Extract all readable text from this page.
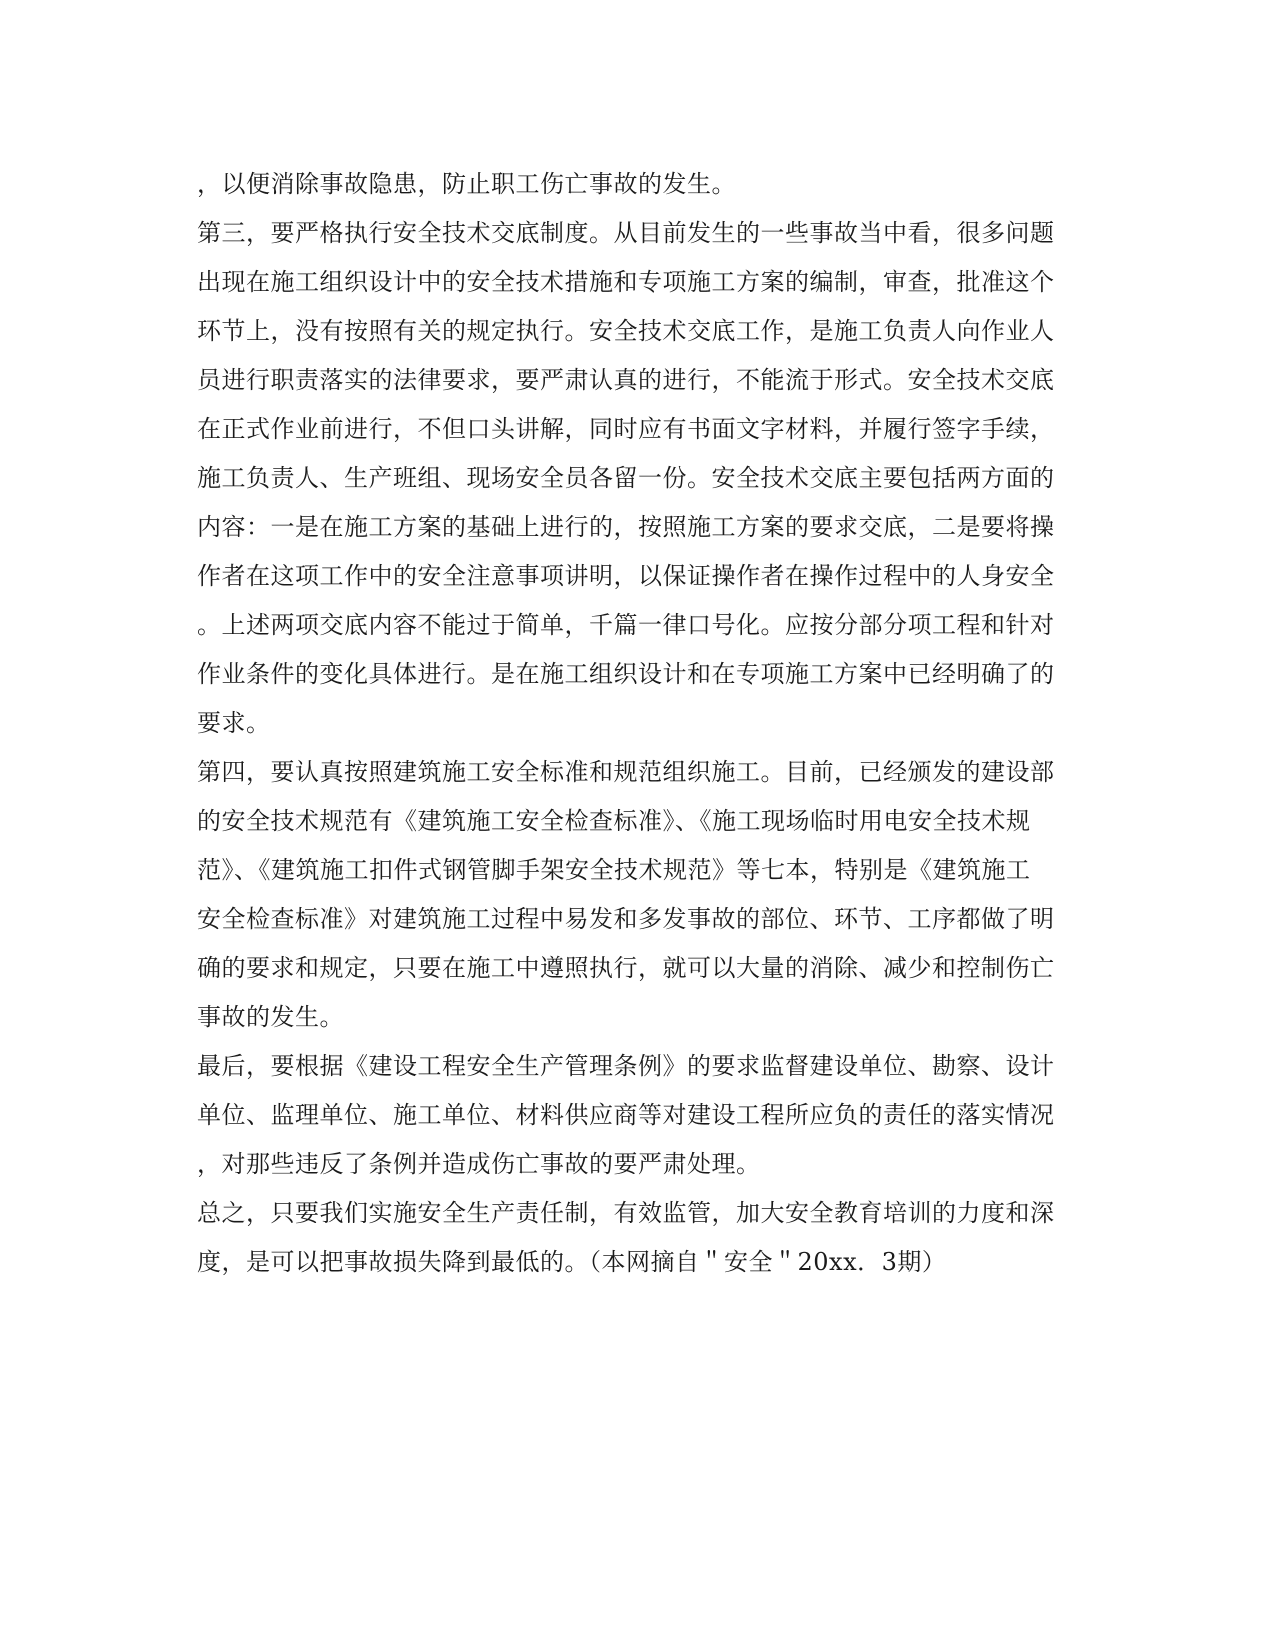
，以便消除事故隐患，防止职工伤亡事故的发生。
第三，要严格执行安全技术交底制度。从目前发生的一些事故当中看，很多问题
出现在施工组织设计中的安全技术措施和专项施工方案的编制，审查，批准这个
环节上，没有按照有关的规定执行。安全技术交底工作，是施工负责人向作业人
员进行职责落实的法律要求，要严肃认真的进行，不能流于形式。安全技术交底
在正式作业前进行，不但口头讲解，同时应有书面文字材料，并履行签字手续，
施工负责人、生产班组、现场安全员各留一份。安全技术交底主要包括两方面的
内容：一是在施工方案的基础上进行的，按照施工方案的要求交底，二是要将操
作者在这项工作中的安全注意事项讲明，以保证操作者在操作过程中的人身安全
。上述两项交底内容不能过于简单，千篇一律口号化。应按分部分项工程和针对
作业条件的变化具体进行。是在施工组织设计和在专项施工方案中已经明确了的
要求。
第四，要认真按照建筑施工安全标准和规范组织施工。目前，已经颁发的建设部
的安全技术规范有《建筑施工安全检查标准》、《施工现场临时用电安全技术规
范》、《建筑施工扣件式钢管脚手架安全技术规范》等七本，特别是《建筑施工
安全检查标准》对建筑施工过程中易发和多发事故的部位、环节、工序都做了明
确的要求和规定，只要在施工中遵照执行，就可以大量的消除、减少和控制伤亡
事故的发生。
最后，要根据《建设工程安全生产管理条例》的要求监督建设单位、勘察、设计
单位、监理单位、施工单位、材料供应商等对建设工程所应负的责任的落实情况
，对那些违反了条例并造成伤亡事故的要严肃处理。
总之，只要我们实施安全生产责任制，有效监管，加大安全教育培训的力度和深
度，是可以把事故损失降到最低的。（本网摘自＂安全＂20xx．3期）
